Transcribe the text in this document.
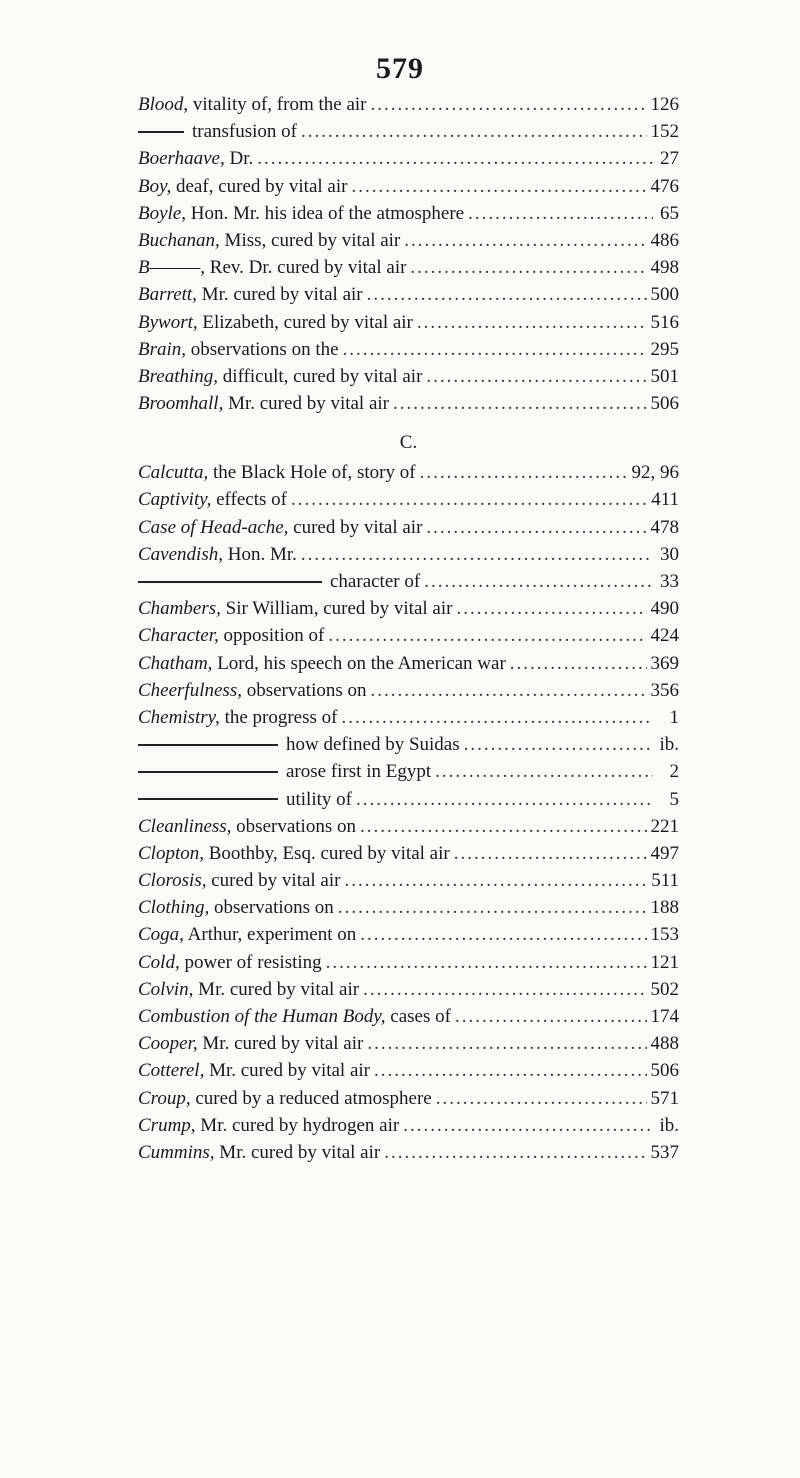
579
Blood, vitality of, from the air .....	126
transfusion of .....	152
Boerhaave, Dr. .....	27
Boy, deaf, cured by vital air .....	476
Boyle, Hon. Mr. his idea of the atmosphere .....	65
Buchanan, Miss, cured by vital air .....	486
B———, Rev. Dr. cured by vital air .....	498
Barrett, Mr. cured by vital air .....	500
Bywort, Elizabeth, cured by vital air .....	516
Brain, observations on the .....	295
Breathing, difficult, cured by vital air .....	501
Broomhall, Mr. cured by vital air .....	506
C.
Calcutta, the Black Hole of, story of .....	92, 96
Captivity, effects of .....	411
Case of Head-ache, cured by vital air .....	478
Cavendish, Hon. Mr. .....	30
character of .....	33
Chambers, Sir William, cured by vital air .....	490
Character, opposition of .....	424
Chatham, Lord, his speech on the American war .....	369
Cheerfulness, observations on .....	356
Chemistry, the progress of .....	1
how defined by Suidas .....	ib.
arose first in Egypt .....	2
utility of .....	5
Cleanliness, observations on .....	221
Clopton, Boothby, Esq. cured by vital air .....	497
Clorosis, cured by vital air .....	511
Clothing, observations on .....	188
Coga, Arthur, experiment on .....	153
Cold, power of resisting .....	121
Colvin, Mr. cured by vital air .....	502
Combustion of the Human Body, cases of .....	174
Cooper, Mr. cured by vital air .....	488
Cotterel, Mr. cured by vital air .....	506
Croup, cured by a reduced atmosphere .....	571
Crump, Mr. cured by hydrogen air .....	ib.
Cummins, Mr. cured by vital air .....	537
